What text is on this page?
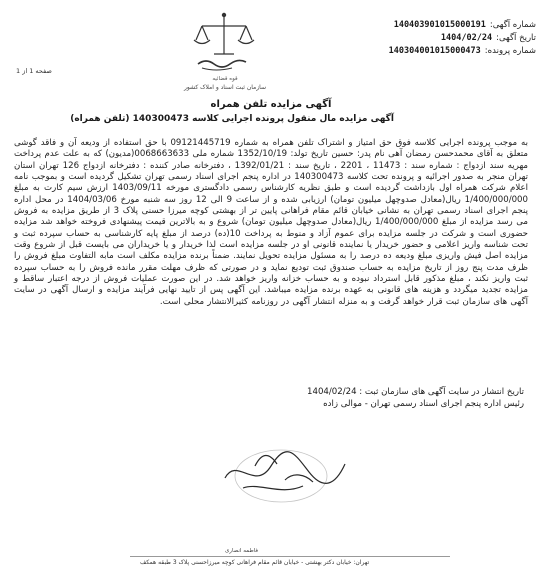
شماره آگهی:
140403901015000191
تاریخ آگهی:
1404/02/24
شماره پرونده:
140304001015000473
قوه قضائیه
سازمان ثبت اسناد و املاک کشور
صفحه 1 از 1
آگهی مزایده تلفن همراه
آگهی مزایده مال منقول پرونده اجرایی کلاسه 140300473 (تلفن همراه)

به موجب پرونده اجرایی کلاسه فوق حق امتیاز و اشتراک تلفن همراه به شماره 09121445719 با حق استفاده از ودیعه آن و فاقد گوشی متعلق به آقای محمدحسن رمضان آهی نام پدر: حسین تاریخ تولد: 1352/10/19 شماره ملی 0068663633(مدیون) که به علت عدم پرداخت مهریه سند ازدواج : شماره سند : 11473 ، 2201 ، تاریخ سند : 1392/01/21 ، دفترخانه صادر کننده : دفترخانه ازدواج 126 تهران استان تهران منجر به صدور اجرائیه و پرونده تحت کلاسه 140300473 در اداره پنجم اجرای اسناد رسمی تهران تشکیل گردیده است و بموجب نامه اعلام شرکت همراه اول بازداشت گردیده است و طبق نظریه کارشناس رسمی دادگستری مورخه 1403/09/11 ارزش سیم کارت به مبلغ 1/400/000/000 ریال(معادل صدوچهل میلیون تومان) ارزیابی شده و از ساعت 9 الی 12 روز سه شنبه مورخ 1404/03/06 در محل اداره پنجم اجرای اسناد رسمی تهران به نشانی خیابان قائم مقام فراهانی پایین تر از بهشتی کوچه میرزا حسنی پلاک 3 از طریق مزایده به فروش می رسد مزایده از مبلغ 1/400/000/000 ریال(معادل صدوچهل میلیون تومان) شروع و به بالاترین قیمت پیشنهادی فروخته خواهد شد مزایده حضوری است و شرکت در جلسه مزایده برای عموم آزاد و منوط به پرداخت 10(ده) درصد از مبلغ پایه کارشناسی به حساب سپرده ثبت و تحت شناسه واریز اعلامی و حضور خریدار یا نماینده قانونی او در جلسه مزایده است لذا خریدار و یا خریداران می بایست قبل از شروع وقت مزایده اصل فیش واریزی مبلغ ودیعه ده درصد را به مسئول مزایده تحویل نمایند. ضمناً برنده مزایده مکلف است مابه التفاوت مبلغ فروش را ظرف مدت پنج روز از تاریخ مزایده به حساب صندوق ثبت تودیع نماید و در صورتی که ظرف مهلت مقرر مانده فروش را به حساب سپرده ثبت واریز نکند ، مبلغ مذکور قابل استرداد نبوده و به حساب خزانه واریز خواهد شد. در این صورت عملیات فروش از درجه اعتبار ساقط و مزایده تجدید میگردد و هزینه های قانونی به عهده برنده مزایده میباشد. این آگهی پس از تایید نهایی فرآیند مزایده و ارسال آگهی در سایت آگهی های سازمان ثبت قرار خواهد گرفت و به منزله انتشار آگهی در روزنامه کثیرالانتشار محلی است.

تاریخ انتشار در سایت آگهی های سازمان ثبت : 1404/02/24
رئیس اداره پنجم اجرای اسناد رسمی تهران - موالی زاده
فاطمه انصاری
تهران: خیابان دکتر بهشتی - خیابان قائم مقام فراهانی کوچه میرزاحسنی پلاک 3 طبقه همکف
